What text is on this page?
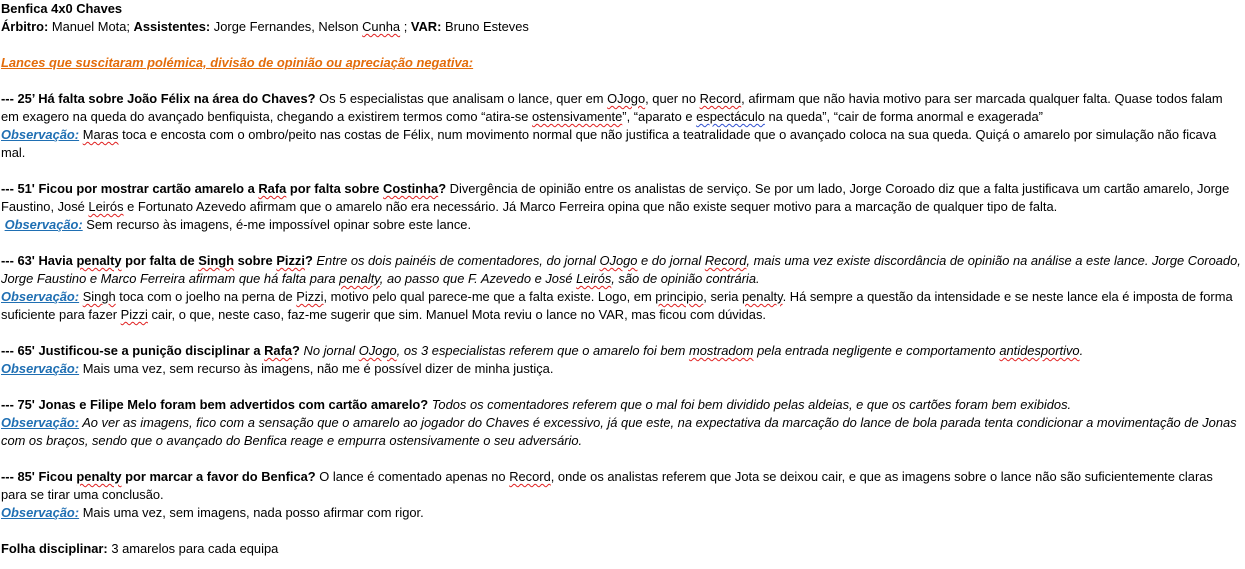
Benfica 4x0 Chaves

Árbitro: Manuel Mota; Assistentes: Jorge Fernandes, Nelson Cunha ; VAR: Bruno Esteves

Lances que suscitaram polémica, divisão de opinião ou apreciação negativa:

--- 25’ Há falta sobre João Félix na área do Chaves? Os 5 especialistas que analisam o lance, quer em OJogo, quer no Record, afirmam que não havia motivo para ser marcada qualquer falta. Quase todos falam em exagero na queda do avançado benfiquista, chegando a existirem termos como “atira-se ostensivamente”, “aparato e espectáculo na queda”, “cair de forma anormal e exagerada”

Observação: Maras toca e encosta com o ombro/peito nas costas de Félix, num movimento normal que não justifica a teatralidade que o avançado coloca na sua queda. Quiçá o amarelo por simulação não ficava mal.

--- 51' Ficou por mostrar cartão amarelo a Rafa por falta sobre Costinha? Divergência de opinião entre os analistas de serviço. Se por um lado, Jorge Coroado diz que a falta justificava um cartão amarelo, Jorge Faustino, José Leirós e Fortunato Azevedo afirmam que o amarelo não era necessário. Já Marco Ferreira opina que não existe sequer motivo para a marcação de qualquer tipo de falta.

Observação: Sem recurso às imagens, é-me impossível opinar sobre este lance.

--- 63' Havia penalty por falta de Singh sobre Pizzi? Entre os dois painéis de comentadores, do jornal OJogo e do jornal Record, mais uma vez existe discordância de opinião na análise a este lance. Jorge Coroado, Jorge Faustino e Marco Ferreira afirmam que há falta para penalty, ao passo que F. Azevedo e José Leirós, são de opinião contrária.

Observação: Singh toca com o joelho na perna de Pizzi, motivo pelo qual parece-me que a falta existe. Logo, em principio, seria penalty. Há sempre a questão da intensidade e se neste lance ela é imposta de forma suficiente para fazer Pizzi cair, o que, neste caso, faz-me sugerir que sim. Manuel Mota reviu o lance no VAR, mas ficou com dúvidas.

--- 65' Justificou-se a punição disciplinar a Rafa? No jornal OJogo, os 3 especialistas referem que o amarelo foi bem mostradom pela entrada negligente e comportamento antidesportivo.

Observação: Mais uma vez, sem recurso às imagens, não me é possível dizer de minha justiça.

--- 75' Jonas e Filipe Melo foram bem advertidos com cartão amarelo? Todos os comentadores referem que o mal foi bem dividido pelas aldeias, e que os cartões foram bem exibidos.

Observação: Ao ver as imagens, fico com a sensação que o amarelo ao jogador do Chaves é excessivo, já que este, na expectativa da marcação do lance de bola parada tenta condicionar a movimentação de Jonas com os braços, sendo que o avançado do Benfica reage e empurra ostensivamente o seu adversário.

--- 85' Ficou penalty por marcar a favor do Benfica? O lance é comentado apenas no Record, onde os analistas referem que Jota se deixou cair, e que as imagens sobre o lance não são suficientemente claras para se tirar uma conclusão.

Observação: Mais uma vez, sem imagens, nada posso afirmar com rigor.

Folha disciplinar: 3 amarelos para cada equipa
